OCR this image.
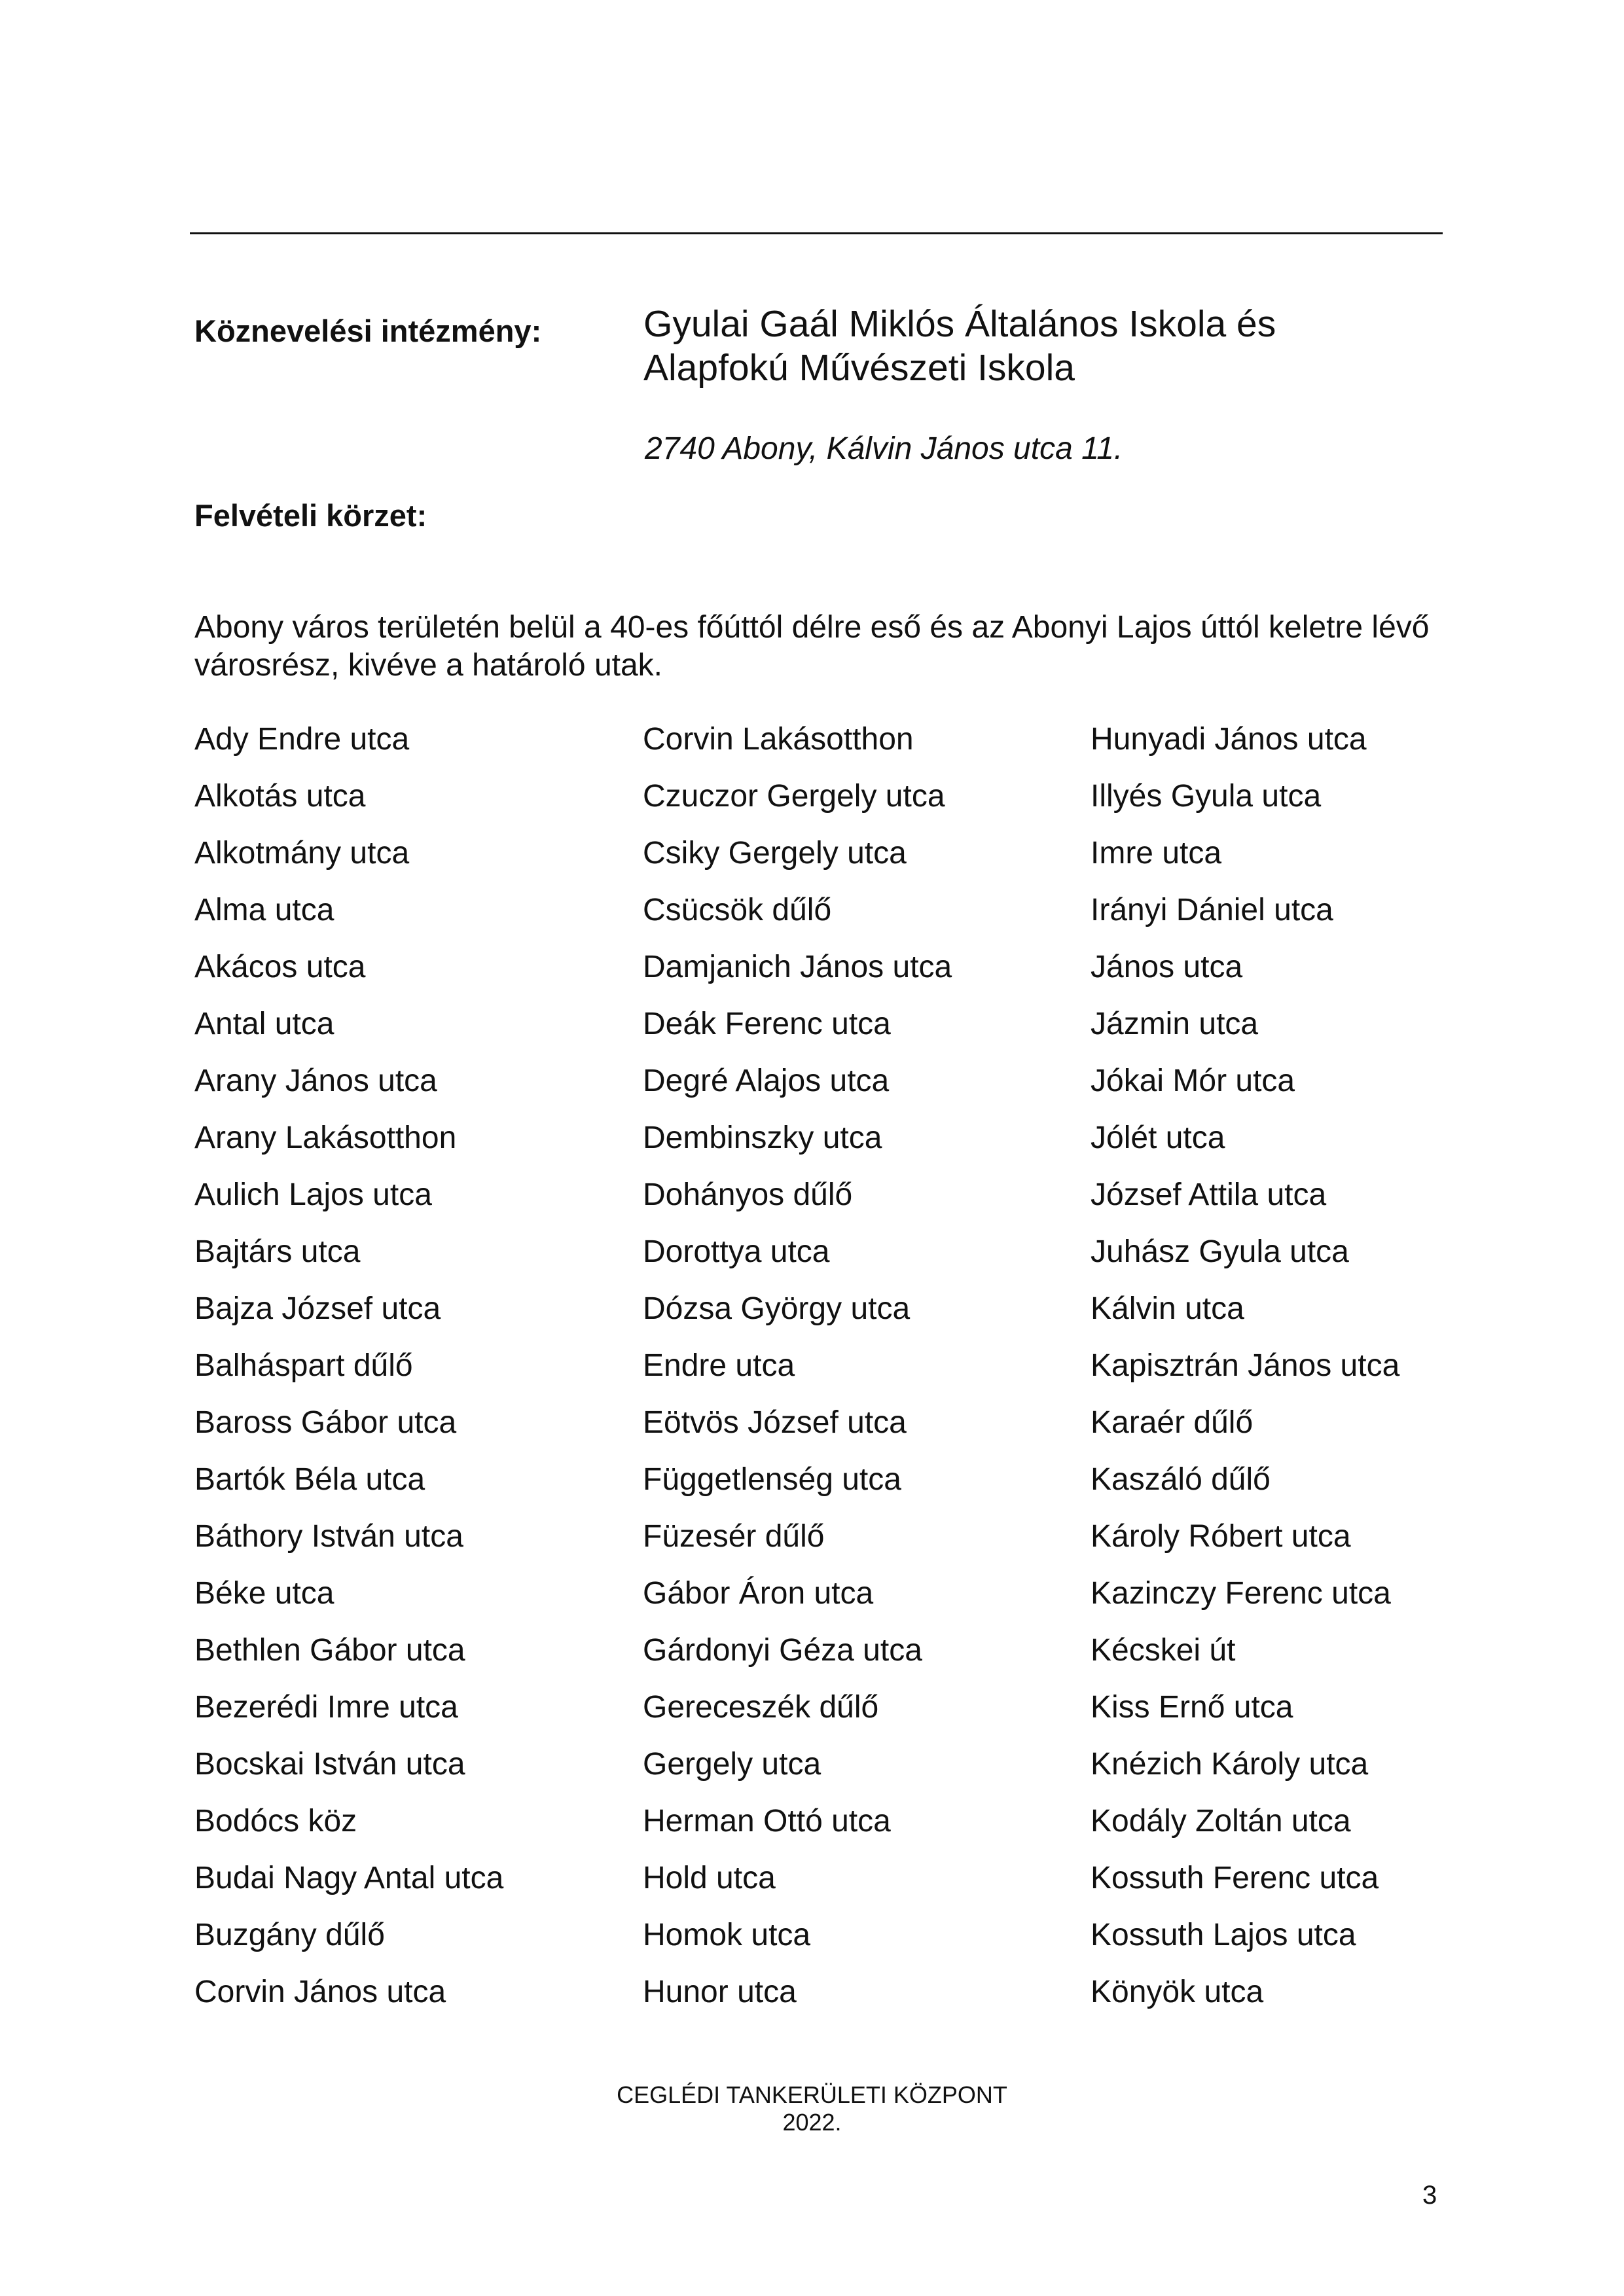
Köznevelési intézmény:	Gyulai Gaál Miklós Általános Iskola és
Alapfokú Művészeti Iskola
2740 Abony, Kálvin János utca 11.
Felvételi körzet:
Abony város területén belül a 40-es főúttól délre eső és az Abonyi Lajos úttól keletre lévő városrész, kivéve a határoló utak.
Ady Endre utca
Alkotás utca
Alkotmány utca
Alma utca
Akácos utca
Antal utca
Arany János utca
Arany Lakásotthon
Aulich Lajos utca
Bajtárs utca
Bajza József utca
Balháspart dűlő
Baross Gábor utca
Bartók Béla utca
Báthory István utca
Béke utca
Bethlen Gábor utca
Bezerédi Imre utca
Bocskai István utca
Bodócs köz
Budai Nagy Antal utca
Buzgány dűlő
Corvin János utca
Corvin Lakásotthon
Czuczor Gergely utca
Csiky Gergely utca
Csücsök dűlő
Damjanich János utca
Deák Ferenc utca
Degré Alajos utca
Dembinszky utca
Dohányos dűlő
Dorottya utca
Dózsa György utca
Endre utca
Eötvös József utca
Függetlenség utca
Füzesér dűlő
Gábor Áron utca
Gárdonyi Géza utca
Gereceszék dűlő
Gergely utca
Herman Ottó utca
Hold utca
Homok utca
Hunor utca
Hunyadi János utca
Illyés Gyula utca
Imre utca
Irányi Dániel utca
János utca
Jázmin utca
Jókai Mór utca
Jólét utca
József Attila utca
Juhász Gyula utca
Kálvin utca
Kapisztrán János utca
Karaér dűlő
Kaszáló dűlő
Károly Róbert utca
Kazinczy Ferenc utca
Kécskei út
Kiss Ernő utca
Knézich Károly utca
Kodály Zoltán utca
Kossuth Ferenc utca
Kossuth Lajos utca
Könyök utca
CEGLÉDI TANKERÜLETI KÖZPONT
2022.
3
